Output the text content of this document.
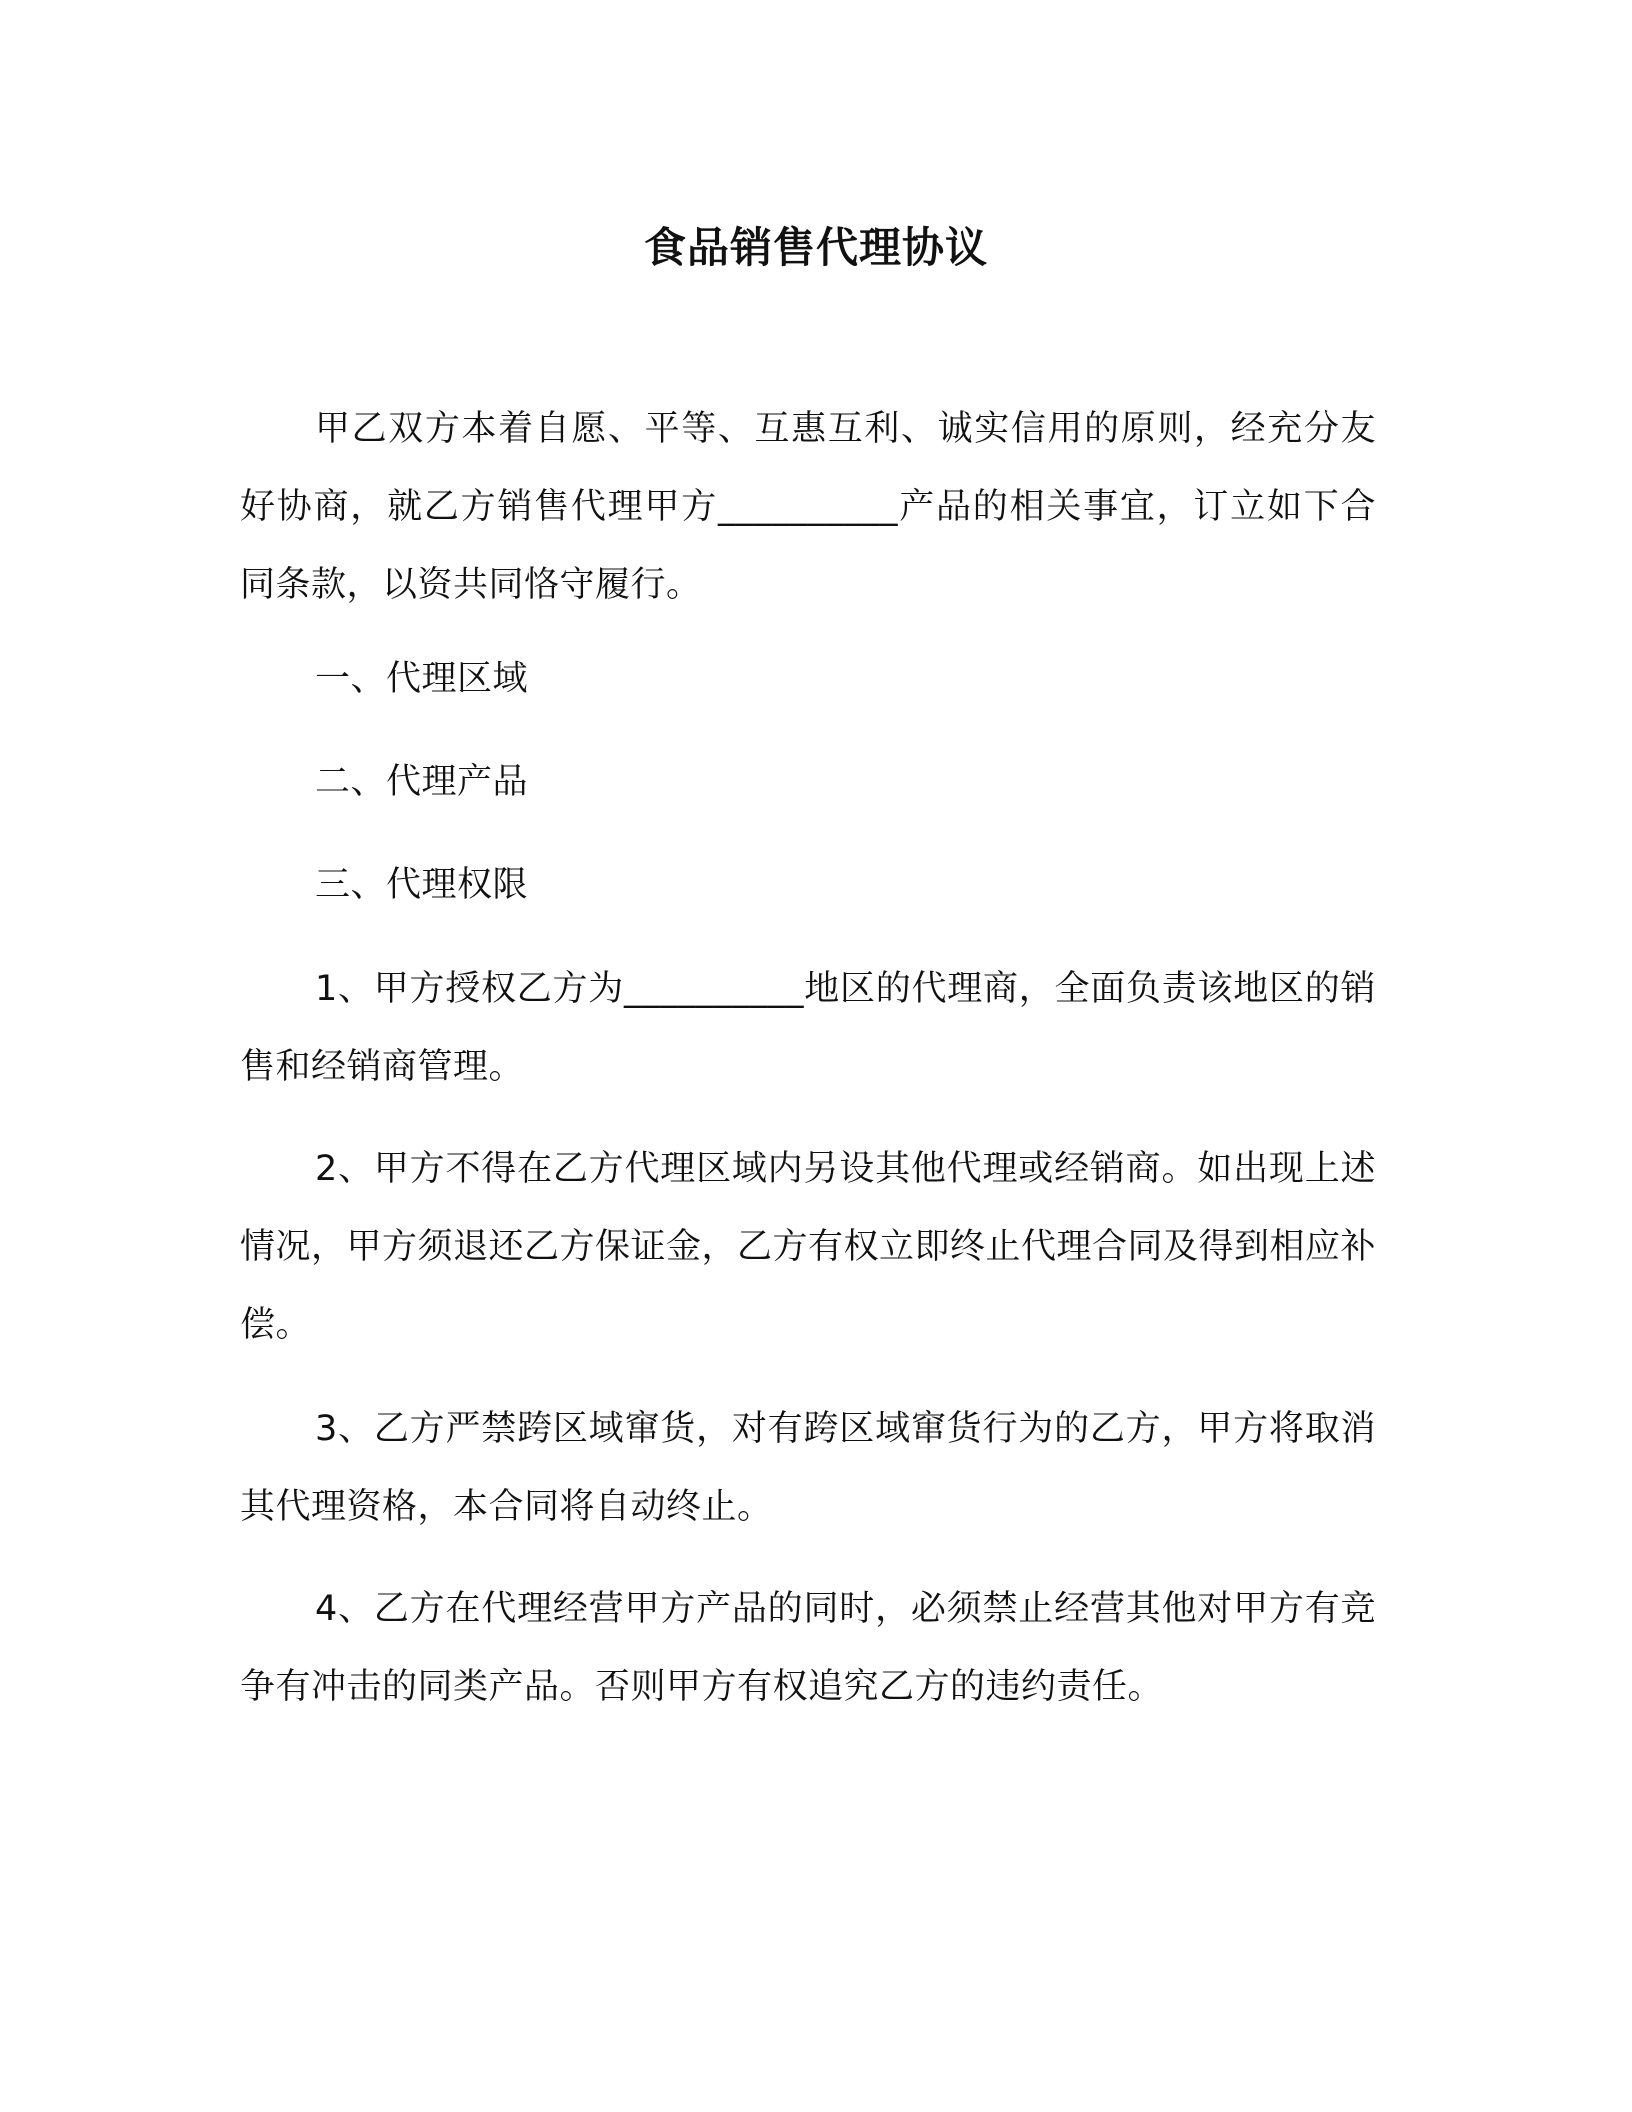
食品销售代理协议

甲乙双方本着自愿、平等、互惠互利、诚实信用的原则，经充分友好协商，就乙方销售代理甲方__________产品的相关事宜，订立如下合同条款，以资共同恪守履行。

一、代理区域

二、代理产品

三、代理权限

1、甲方授权乙方为__________地区的代理商，全面负责该地区的销售和经销商管理。

2、甲方不得在乙方代理区域内另设其他代理或经销商。如出现上述情况，甲方须退还乙方保证金，乙方有权立即终止代理合同及得到相应补偿。

3、乙方严禁跨区域窜货，对有跨区域窜货行为的乙方，甲方将取消其代理资格，本合同将自动终止。

4、乙方在代理经营甲方产品的同时，必须禁止经营其他对甲方有竞争有冲击的同类产品。否则甲方有权追究乙方的违约责任。
